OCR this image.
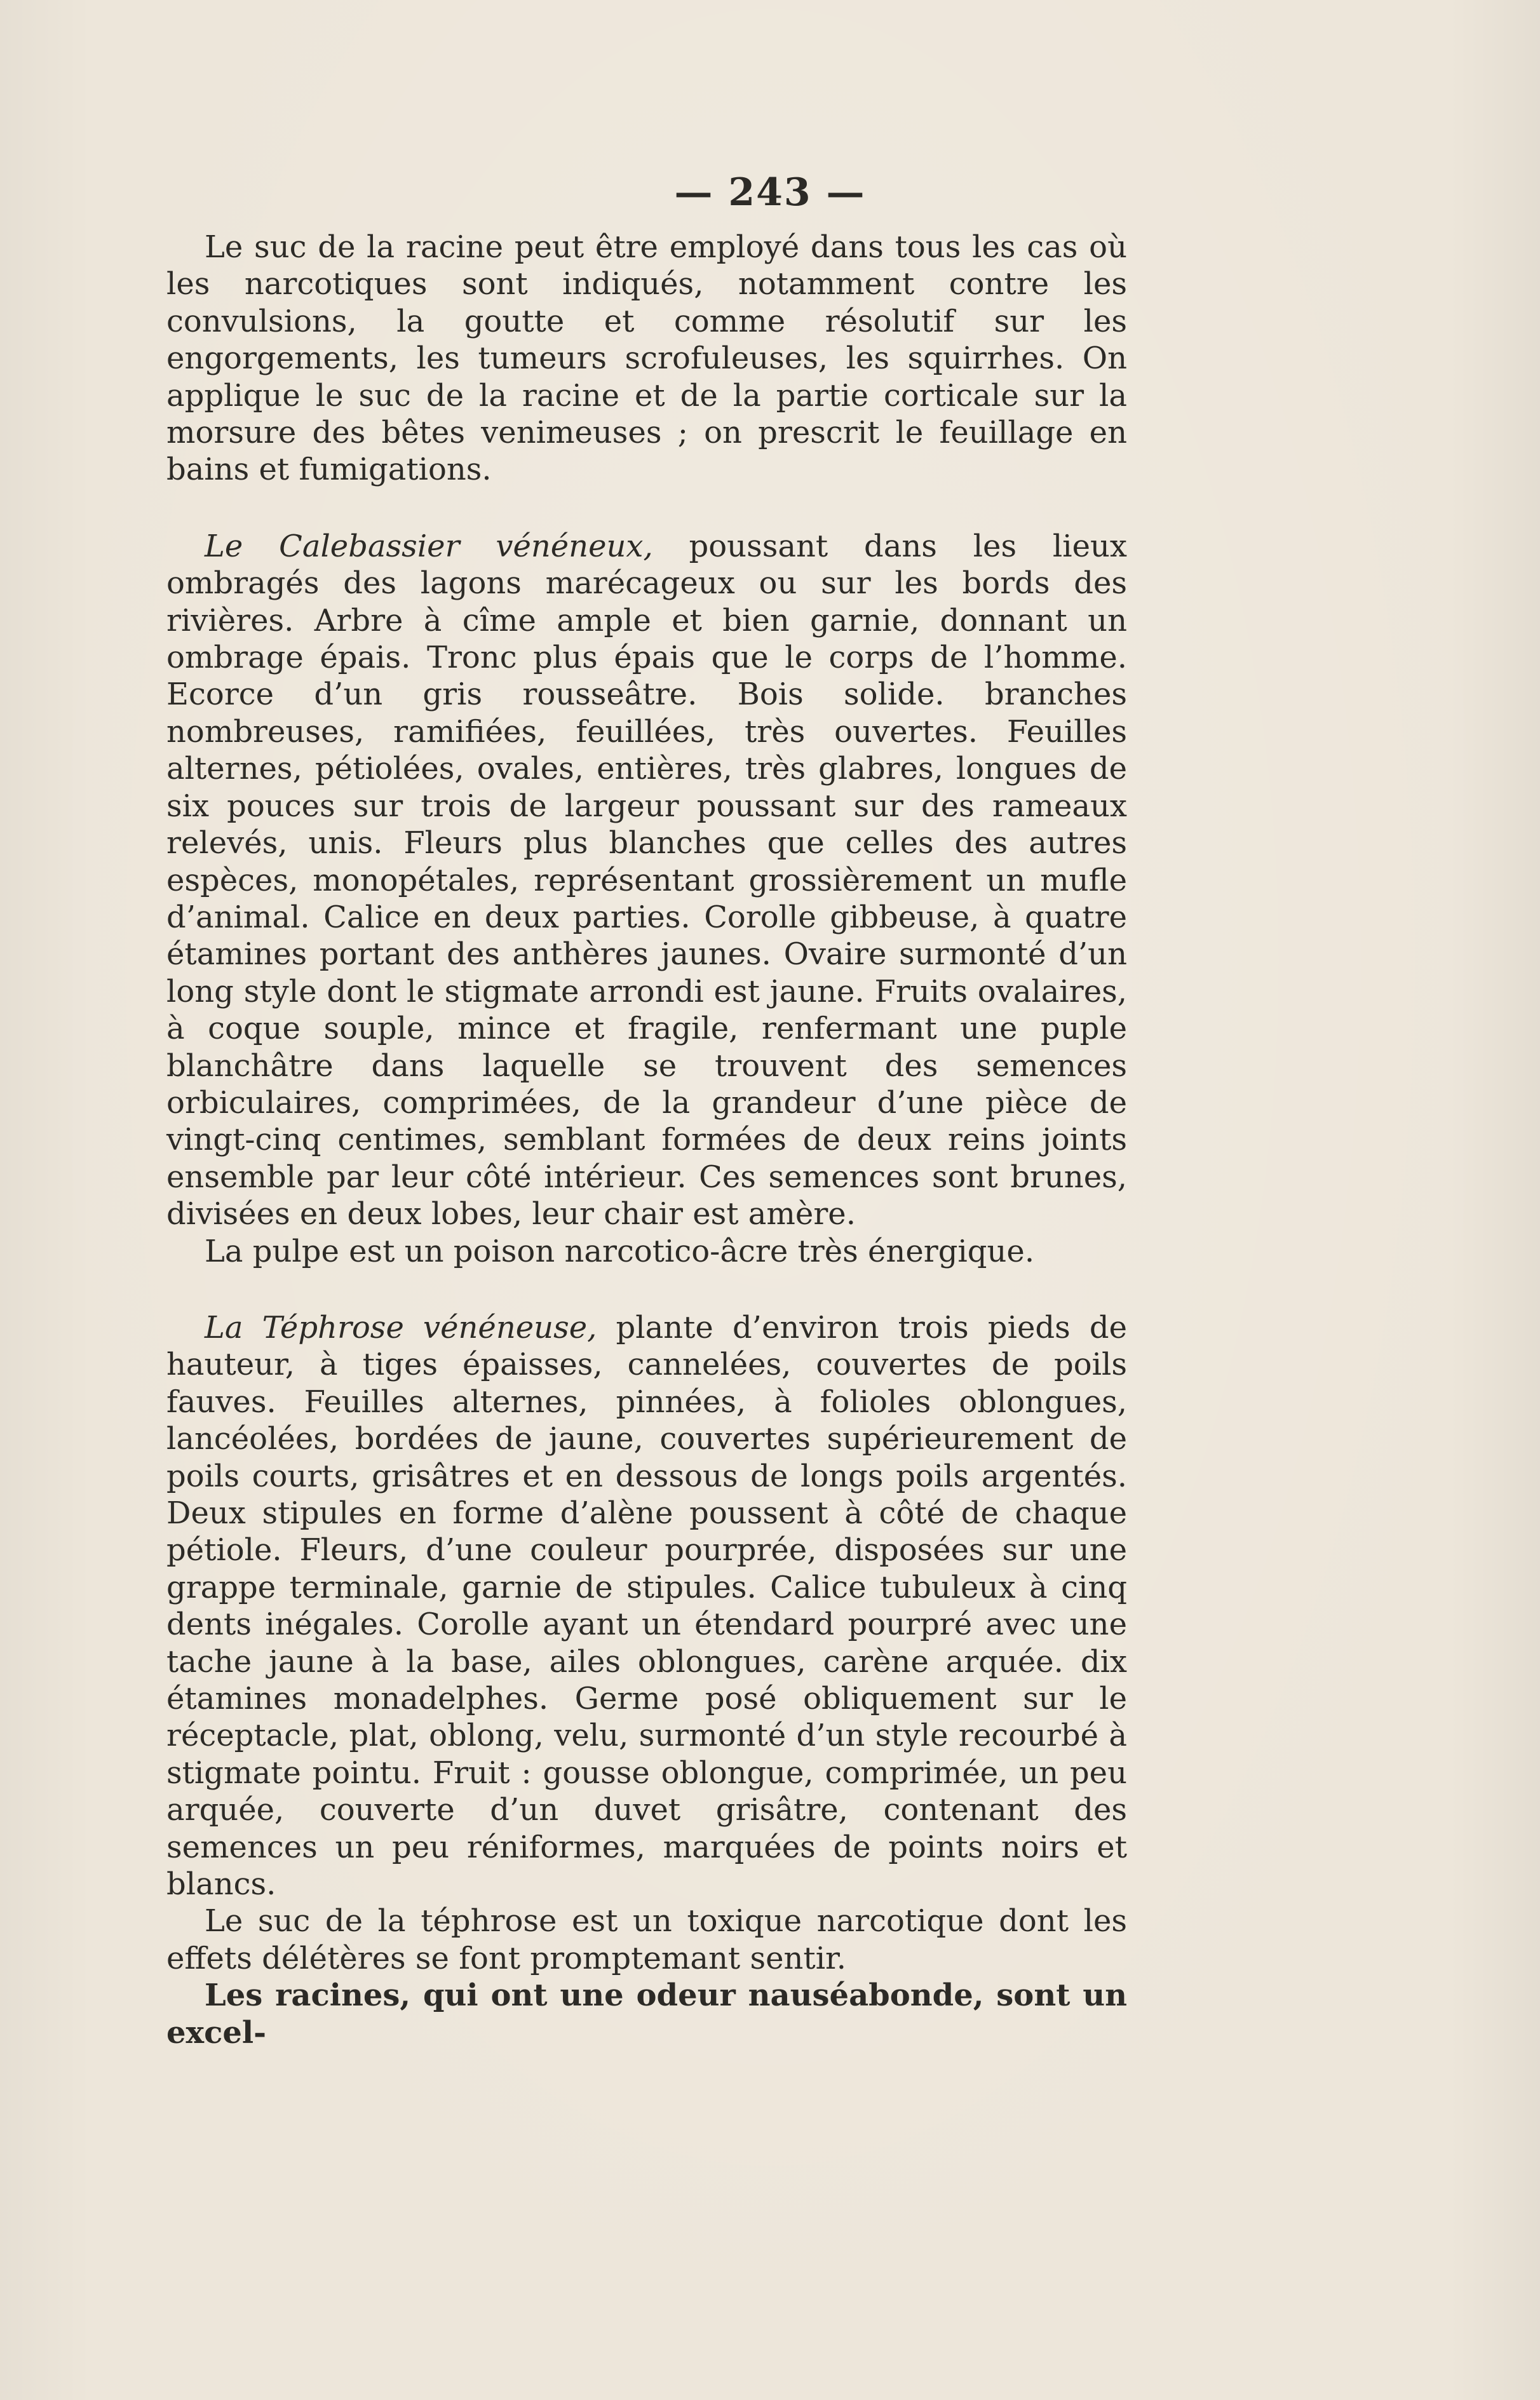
— 243 —

Le suc de la racine peut être employé dans tous les cas où les narcotiques sont indiqués, notamment contre les convulsions, la goutte et comme résolutif sur les engorgements, les tumeurs scrofuleuses, les squirrhes. On applique le suc de la racine et de la partie corticale sur la morsure des bêtes venimeuses ; on prescrit le feuillage en bains et fumigations.

Le Calebassier vénéneux, poussant dans les lieux ombragés des lagons marécageux ou sur les bords des rivières. Arbre à cîme ample et bien garnie, donnant un ombrage épais. Tronc plus épais que le corps de l’homme. Ecorce d’un gris rousseâtre. Bois solide. branches nombreuses, ramifiées, feuillées, très ouvertes. Feuilles alternes, pétiolées, ovales, entières, très glabres, longues de six pouces sur trois de largeur poussant sur des rameaux relevés, unis. Fleurs plus blanches que celles des autres espèces, monopétales, représentant grossièrement un mufle d’animal. Calice en deux parties. Corolle gibbeuse, à quatre étamines portant des anthères jaunes. Ovaire surmonté d’un long style dont le stigmate arrondi est jaune. Fruits ovalaires, à coque souple, mince et fragile, renfermant une puple blanchâtre dans laquelle se trouvent des semences orbiculaires, comprimées, de la grandeur d’une pièce de vingt-cinq centimes, semblant formées de deux reins joints ensemble par leur côté intérieur. Ces semences sont brunes, divisées en deux lobes, leur chair est amère.

La pulpe est un poison narcotico-âcre très énergique.

La Téphrose vénéneuse, plante d’environ trois pieds de hauteur, à tiges épaisses, cannelées, couvertes de poils fauves. Feuilles alternes, pinnées, à folioles oblongues, lancéolées, bordées de jaune, couvertes supérieurement de poils courts, grisâtres et en dessous de longs poils argentés. Deux stipules en forme d’alène poussent à côté de chaque pétiole. Fleurs, d’une couleur pourprée, disposées sur une grappe terminale, garnie de stipules. Calice tubuleux à cinq dents inégales. Corolle ayant un étendard pourpré avec une tache jaune à la base, ailes oblongues, carène arquée. dix étamines monadelphes. Germe posé obliquement sur le réceptacle, plat, oblong, velu, surmonté d’un style recourbé à stigmate pointu. Fruit : gousse oblongue, comprimée, un peu arquée, couverte d’un duvet grisâtre, contenant des semences un peu réniformes, marquées de points noirs et blancs.

Le suc de la téphrose est un toxique narcotique dont les effets délétères se font promptemant sentir.

Les racines, qui ont une odeur nauséabonde, sont un excel-
